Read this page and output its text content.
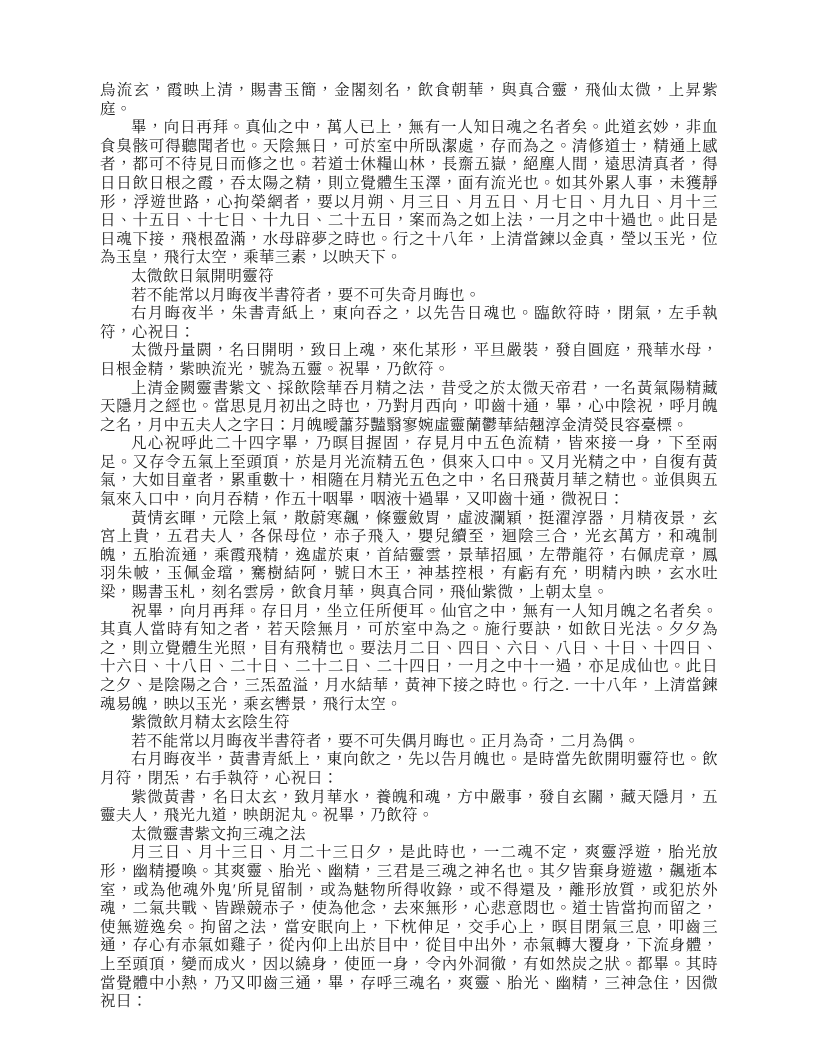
烏流玄，霞映上清，賜書玉簡，金閣刻名，飲食朝華，與真合靈，飛仙太微，上昇紫庭。

畢，向日再拜。真仙之中，萬人已上，無有一人知日魂之名者矣。此道玄妙，非血食臭骸可得聽聞者也。天陰無日，可於室中所臥潔處，存而為之。清修道士，精通上感者，都可不待見日而修之也。若道士休糧山林，長齋五嶽，絕塵人間，遠思清真者，得日日飲日根之霞，吞太陽之精，則立覺體生玉澤，面有流光也。如其外累人事，未獲靜形，浮遊世路，心拘榮網者，要以月朔、月三日、月五日、月七日、月九日、月十三日、十五日、十七日、十九日、二十五日，案而為之如上法，一月之中十過也。此日是日魂下接，飛根盈滿，水母辟夢之時也。行之十八年，上清當鍊以金真，瑩以玉光，位為玉皇，飛行太空，乘華三素，以映天下。

太微飲日氣開明靈符

若不能常以月晦夜半書符者，要不可失奇月晦也。

右月晦夜半，朱書青紙上，東向吞之，以先告日魂也。臨飲符時，閉氣，左手執符，心祝曰：

太微丹量閼，名曰開明，致日上魂，來化某形，平旦嚴裝，發自圓庭，飛華水母，日根金精，紫映流光，號為五靈。祝畢，乃飲符。

上清金闕靈書紫文、採飲陰華吞月精之法，昔受之於太微天帝君，一名黃氣陽精藏天隱月之經也。當思見月初出之時也，乃對月西向，叩齒十通，畢，心中陰祝，呼月魄之名，月中五夫人之字曰：月魄曖蕭芬豔翳寥婉虛靈蘭鬱華結翹淳金清熒艮容臺標。

凡心祝呼此二十四字畢，乃暝目握固，存見月中五色流精，皆來接一身，下至兩足。又存令五氣上至頭頂，於是月光流精五色，俱來入口中。又月光精之中，自復有黃氣，大如目童者，累重數十，相隨在月精光五色之中，名曰飛黃月華之精也。並俱與五氣來入口中，向月吞精，作五十咽畢，咽液十過畢，又叩齒十通，微祝曰：

黃情玄暉，元陰上氣，散蔚寒飆，條靈斂胃，虛波瀾穎，挺濯淳器，月精夜景，玄宮上貴，五君夫人，各保母位，赤子飛入，嬰兒續至，迴陰三合，光玄萬方，和魂制魄，五胎流通，乘霞飛精，逸虛於東，首結靈雲，景華招風，左帶龍符，右佩虎章，鳳羽朱帔，玉佩金璫，騫樹結阿，號曰木王，神基控根，有虧有充，明精內映，玄水吐梁，賜書玉札，刻名雲房，飲食月華，與真合同，飛仙紫微，上朝太皇。

祝畢，向月再拜。存日月，坐立任所便耳。仙官之中，無有一人知月魄之名者矣。其真人當時有知之者，若天陰無月，可於室中為之。施行要訣，如飲日光法。夕夕為之，則立覺體生光照，目有飛精也。要法月二日、四日、六日、八日、十日、十四日、十六日、十八日、二十日、二十二日、二十四日，一月之中十一過，亦足成仙也。此日之夕、是陰陽之合，三炁盈溢，月水結華，黃神下接之時也。行之. 一十八年，上清當鍊魂易魄，映以玉光，乘玄轡景，飛行太空。

紫微飲月精太玄陰生符

若不能常以月晦夜半書符者，要不可失偶月晦也。正月為奇，二月為偶。

右月晦夜半，黃書青紙上，東向飲之，先以告月魄也。是時當先飲開明靈符也。飲月符，閉炁，右手執符，心祝曰：

紫微黃書，名曰太玄，致月華水，養魄和魂，方中嚴事，發自玄關，藏天隱月，五靈夫人，飛光九道，映朗泥丸。祝畢，乃飲符。

太微靈書紫文拘三魂之法

月三日、月十三日、月二十三日夕，是此時也，一二魂不定，爽靈浮遊，胎光放形，幽精擾喚。其爽靈、胎光、幽精，三君是三魂之神名也。其夕皆棄身遊遨，飆逝本室，或為他魂外鬼′所見留制，或為魅物所得收錄，或不得還及，離形放質，或犯於外魂，二氣共戰、皆躁競赤子，使為他念，去來無形，心悲意悶也。道士皆當拘而留之，使無遊逸矣。拘留之法，當安眠向上，下枕伸足，交手心上，暝目閉氣三息，叩齒三通，存心有赤氣如雞子，從內仰上出於目中，從目中出外，赤氣轉大覆身，下流身體，上至頭頂，變而成火，因以繞身，使匝一身，令內外洞徹，有如然炭之狀。都畢。其時當覺體中小熱，乃又叩齒三通，畢，存呼三魂名，爽靈、胎光、幽精，三神急住，因微祝曰：
